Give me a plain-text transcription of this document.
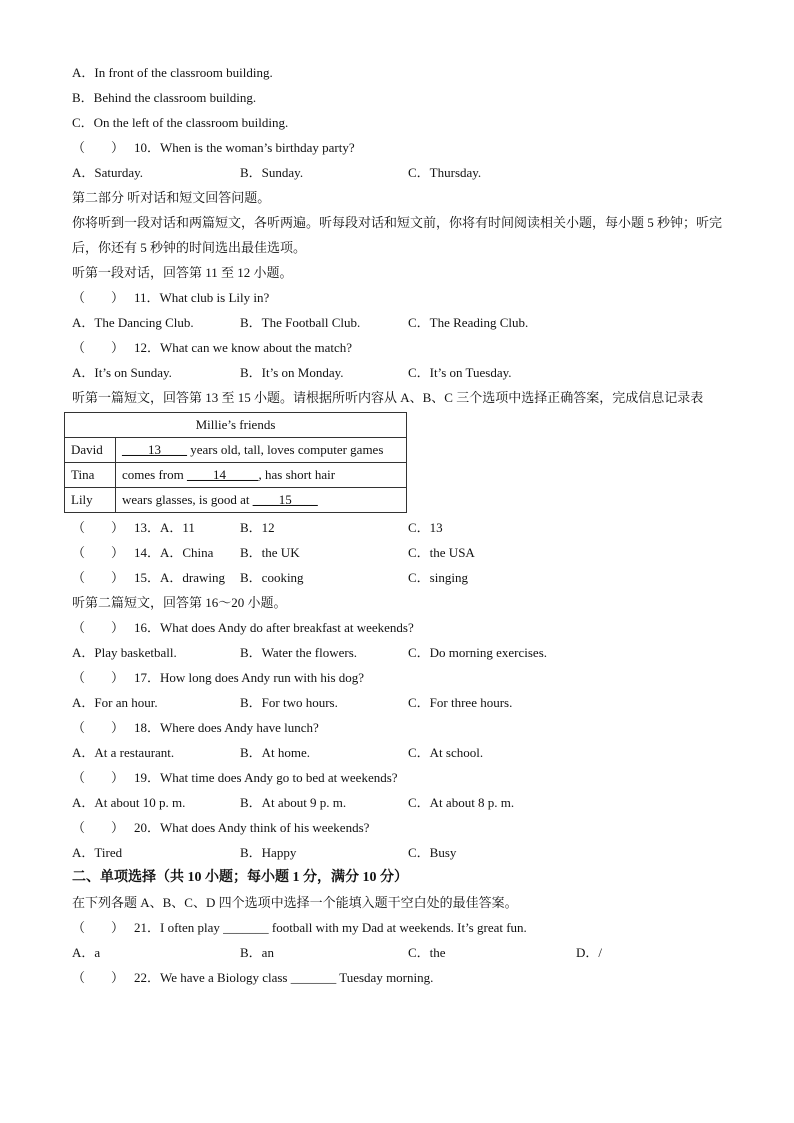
A．In front of the classroom building.
B．Behind the classroom building.
C．On the left of the classroom building.
（　　） 10．When is the woman’s birthday party?
A．Saturday.	B．Sunday.	C．Thursday.
第二部分 听对话和短文回答问题。
你将听到一段对话和两篇短文，各听两遍。听每段对话和短文前，你将有时间阅读相关小题，每小题 5 秒钟；听完后，你还有 5 秒钟的时间选出最佳选项。
听第一段对话，回答第 11 至 12 小题。
（　　） 11．What club is Lily in?
A．The Dancing Club.	B．The Football Club.	C．The Reading Club.
（　　） 12．What can we know about the match?
A．It’s on Sunday.	B．It’s on Monday.	C．It’s on Tuesday.
听第一篇短文，回答第 13 至 15 小题。请根据所听内容从 A、B、C 三个选项中选择正确答案，完成信息记录表
Millie’s friends	
David	____13____ years old, tall, loves computer games
Tina	comes from ____14_____, has short hair
Lily	wears glasses, is good at ____15____
（　　） 13．A．11	B．12	C．13
（　　） 14．A．China	B．the UK	C．the USA
（　　） 15．A．drawing	B．cooking	C．singing
听第二篇短文，回答第 16～20 小题。
（　　） 16．What does Andy do after breakfast at weekends?
A．Play basketball.	B．Water the flowers.	C．Do morning exercises.
（　　） 17．How long does Andy run with his dog?
A．For an hour.	B．For two hours.	C．For three hours.
（　　） 18．Where does Andy have lunch?
A．At a restaurant.	B．At home.	C．At school.
（　　） 19．What time does Andy go to bed at weekends?
A．At about 10 p. m.	B．At about 9 p. m.	C．At about 8 p. m.
（　　） 20．What does Andy think of his weekends?
A．Tired	B．Happy	C．Busy
二、单项选择（共 10 小题；每小题 1 分，满分 10 分）
在下列各题 A、B、C、D 四个选项中选择一个能填入题干空白处的最佳答案。
（　　） 21．I often play _______ football with my Dad at weekends. It’s great fun.
A．a	B．an	C．the	D．/
（　　） 22．We have a Biology class _______ Tuesday morning.
